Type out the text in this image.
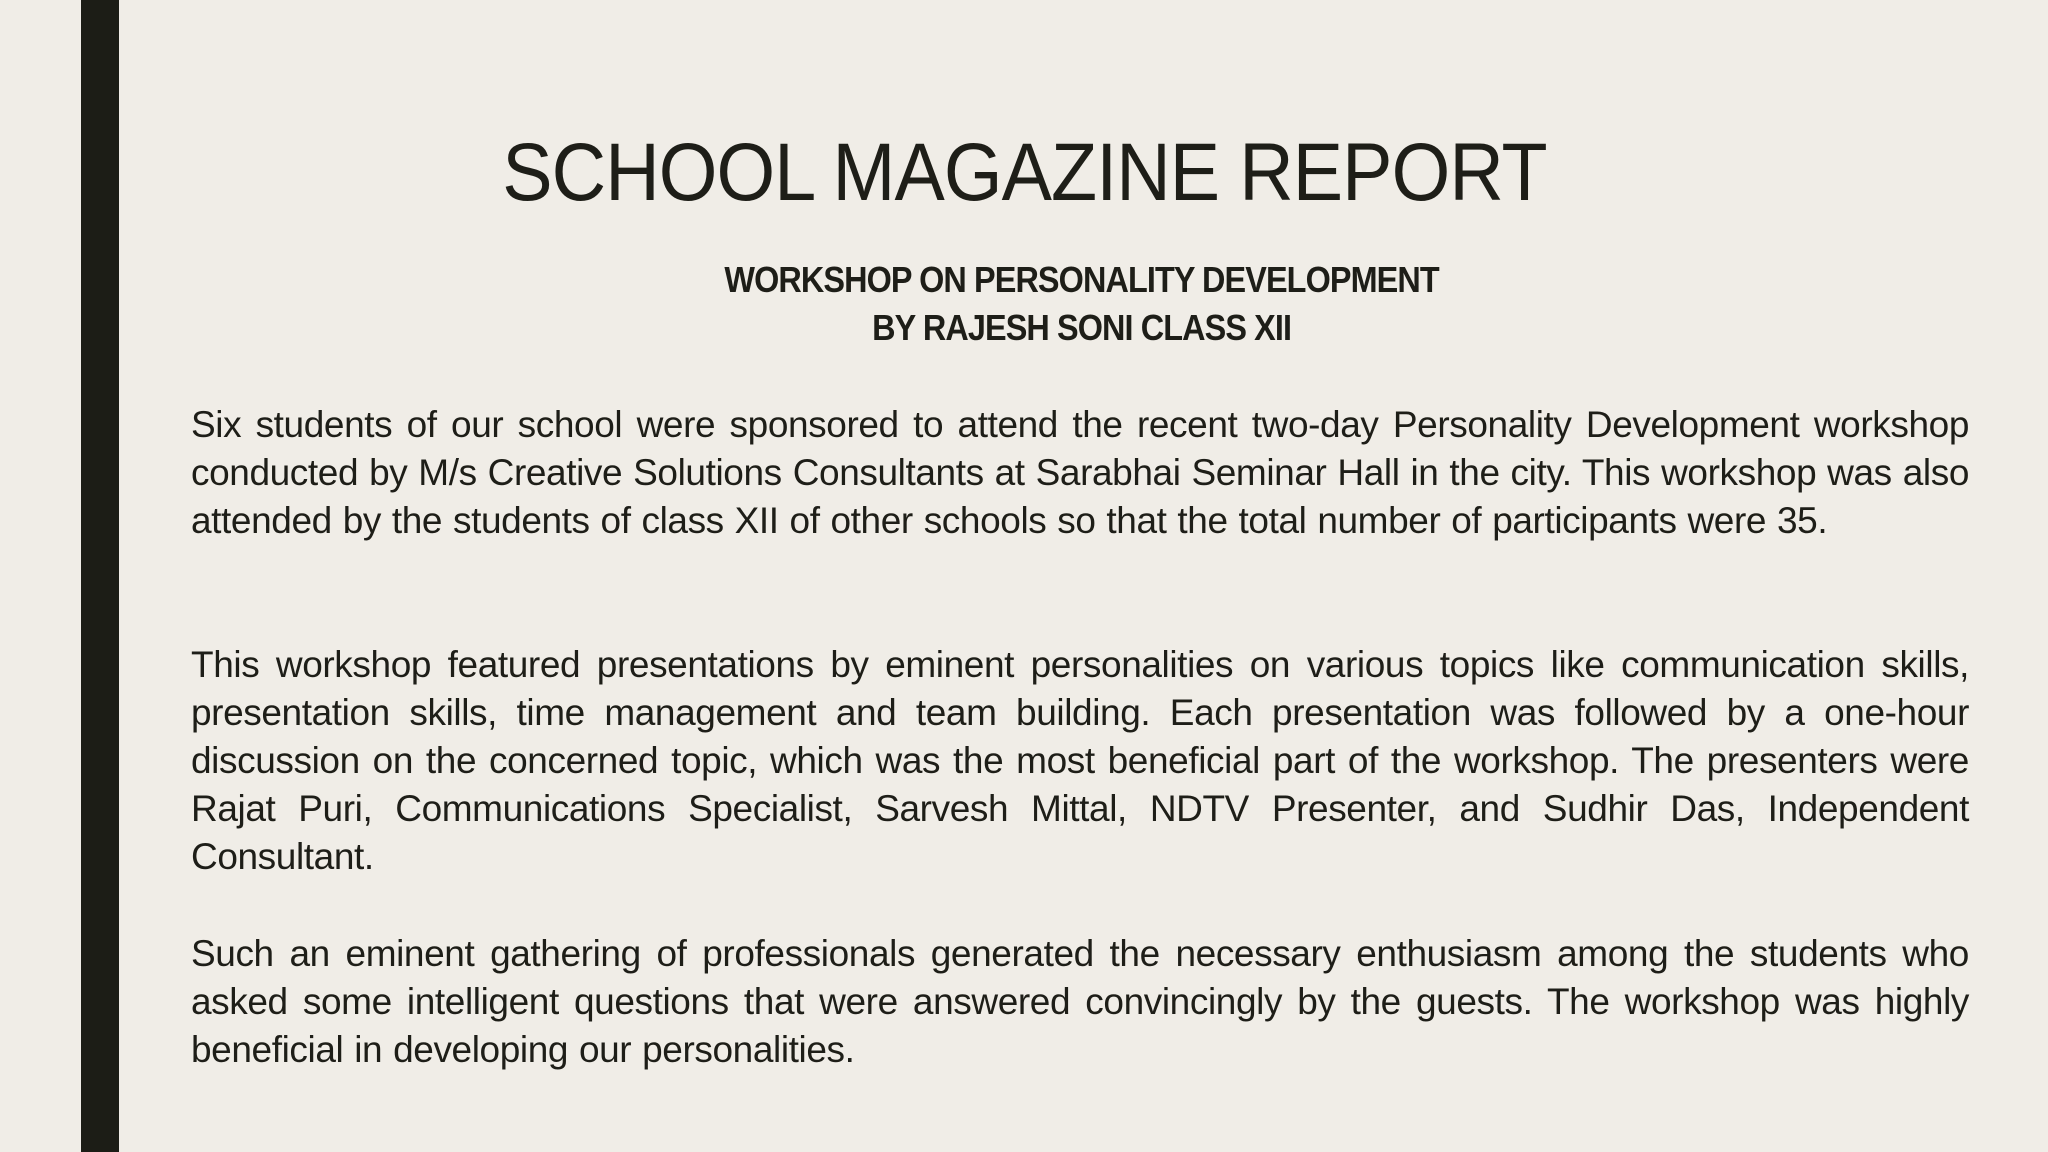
SCHOOL MAGAZINE REPORT
WORKSHOP ON PERSONALITY DEVELOPMENT
BY RAJESH SONI CLASS XII

Six students of our school were sponsored to attend the recent two-day Personality Development workshop conducted by M/s Creative Solutions Consultants at Sarabhai Seminar Hall in the city. This workshop was also attended by the students of class XII of other schools so that the total number of participants were 35.

This workshop featured presentations by eminent personalities on various topics like communication skills, presentation skills, time management and team building. Each presentation was followed by a one-hour discussion on the concerned topic, which was the most beneficial part of the workshop. The presenters were Rajat Puri, Communications Specialist, Sarvesh Mittal, NDTV Presenter, and Sudhir Das, Independent Consultant.

Such an eminent gathering of professionals generated the necessary enthusiasm among the students who asked some intelligent questions that were answered convincingly by the guests. The workshop was highly beneficial in developing our personalities.
